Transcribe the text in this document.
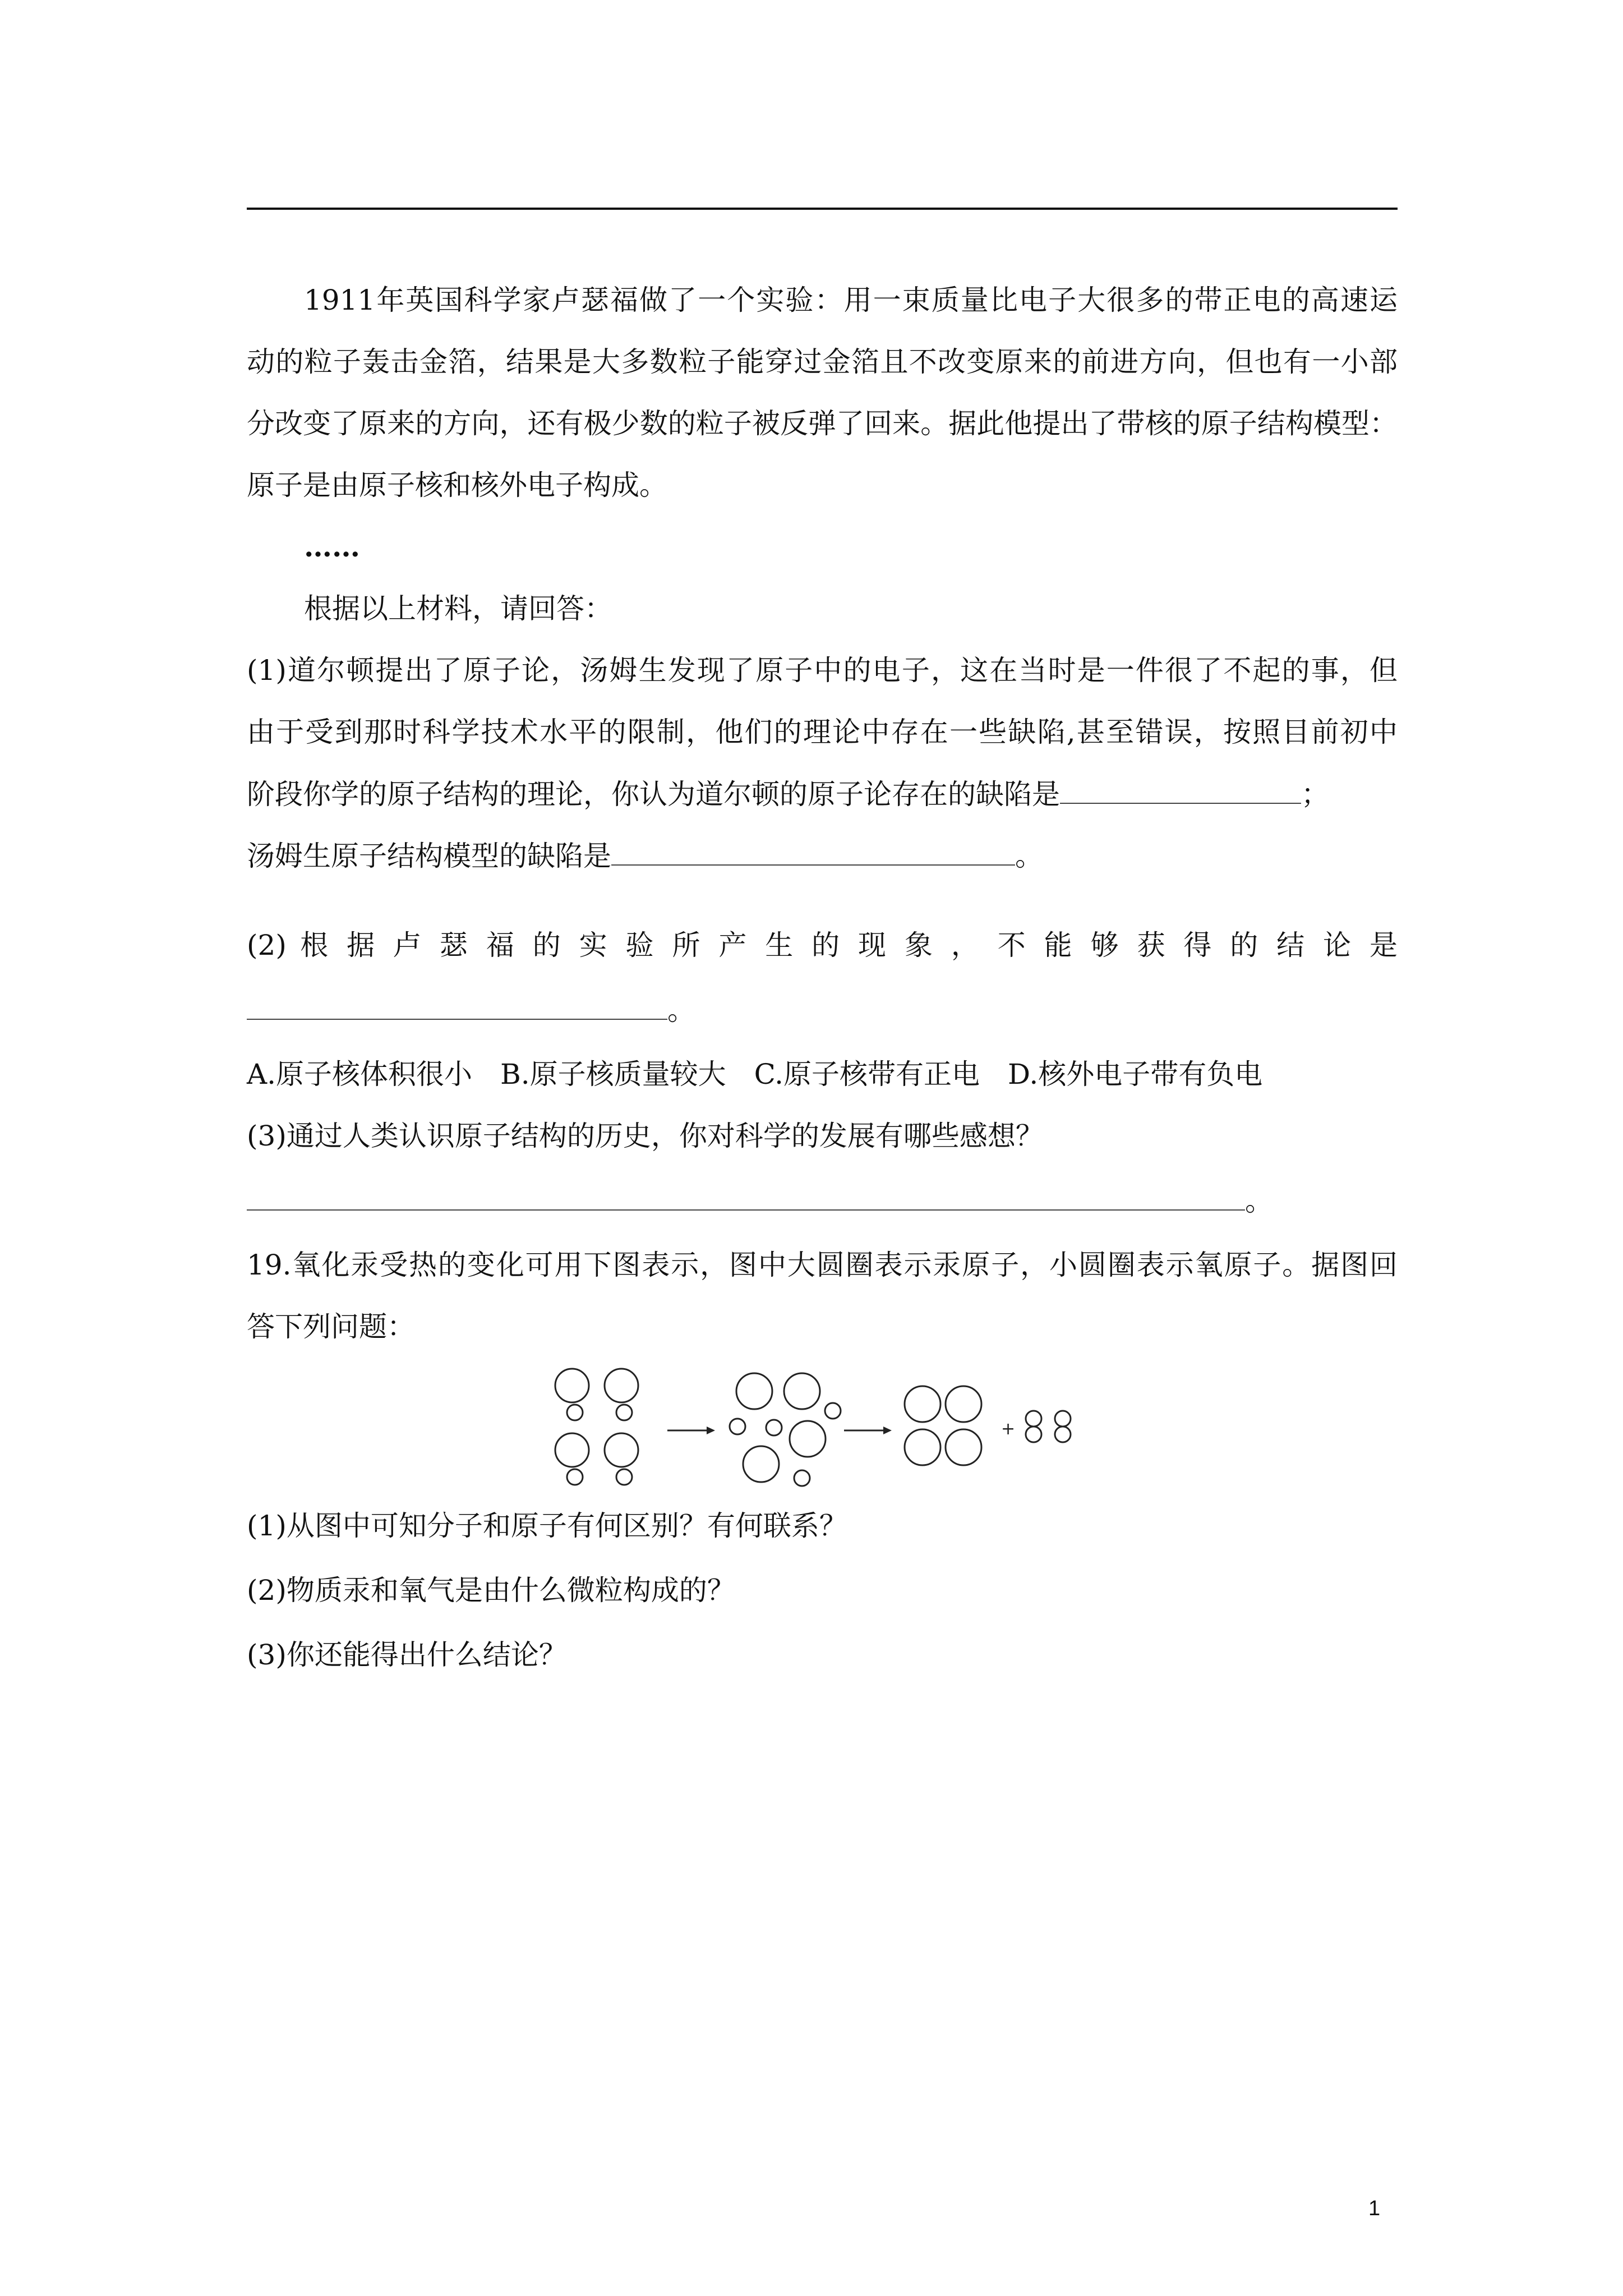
1911年英国科学家卢瑟福做了一个实验：用一束质量比电子大很多的带正电的高速运
动的粒子轰击金箔，结果是大多数粒子能穿过金箔且不改变原来的前进方向，但也有一小部
分改变了原来的方向，还有极少数的粒子被反弹了回来。据此他提出了带核的原子结构模型：
原子是由原子核和核外电子构成。
……
根据以上材料，请回答：
(1)道尔顿提出了原子论，汤姆生发现了原子中的电子，这在当时是一件很了不起的事，但
由于受到那时科学技术水平的限制，他们的理论中存在一些缺陷,甚至错误，按照目前初中
阶段你学的原子结构的理论，你认为道尔顿的原子论存在的缺陷是	；
汤姆生原子结构模型的缺陷是	。
(2) 根 据 卢 瑟 福 的 实 验 所 产 生 的 现 象 ， 不 能 够 获 得 的 结 论 是
。
A.原子核体积很小 B.原子核质量较大 C.原子核带有正电 D.核外电子带有负电
(3)通过人类认识原子结构的历史，你对科学的发展有哪些感想？
。
19.氧化汞受热的变化可用下图表示，图中大圆圈表示汞原子，小圆圈表示氧原子。据图回
答下列问题：
+
(1)从图中可知分子和原子有何区别？有何联系？
(2)物质汞和氧气是由什么微粒构成的？
(3)你还能得出什么结论？
1
